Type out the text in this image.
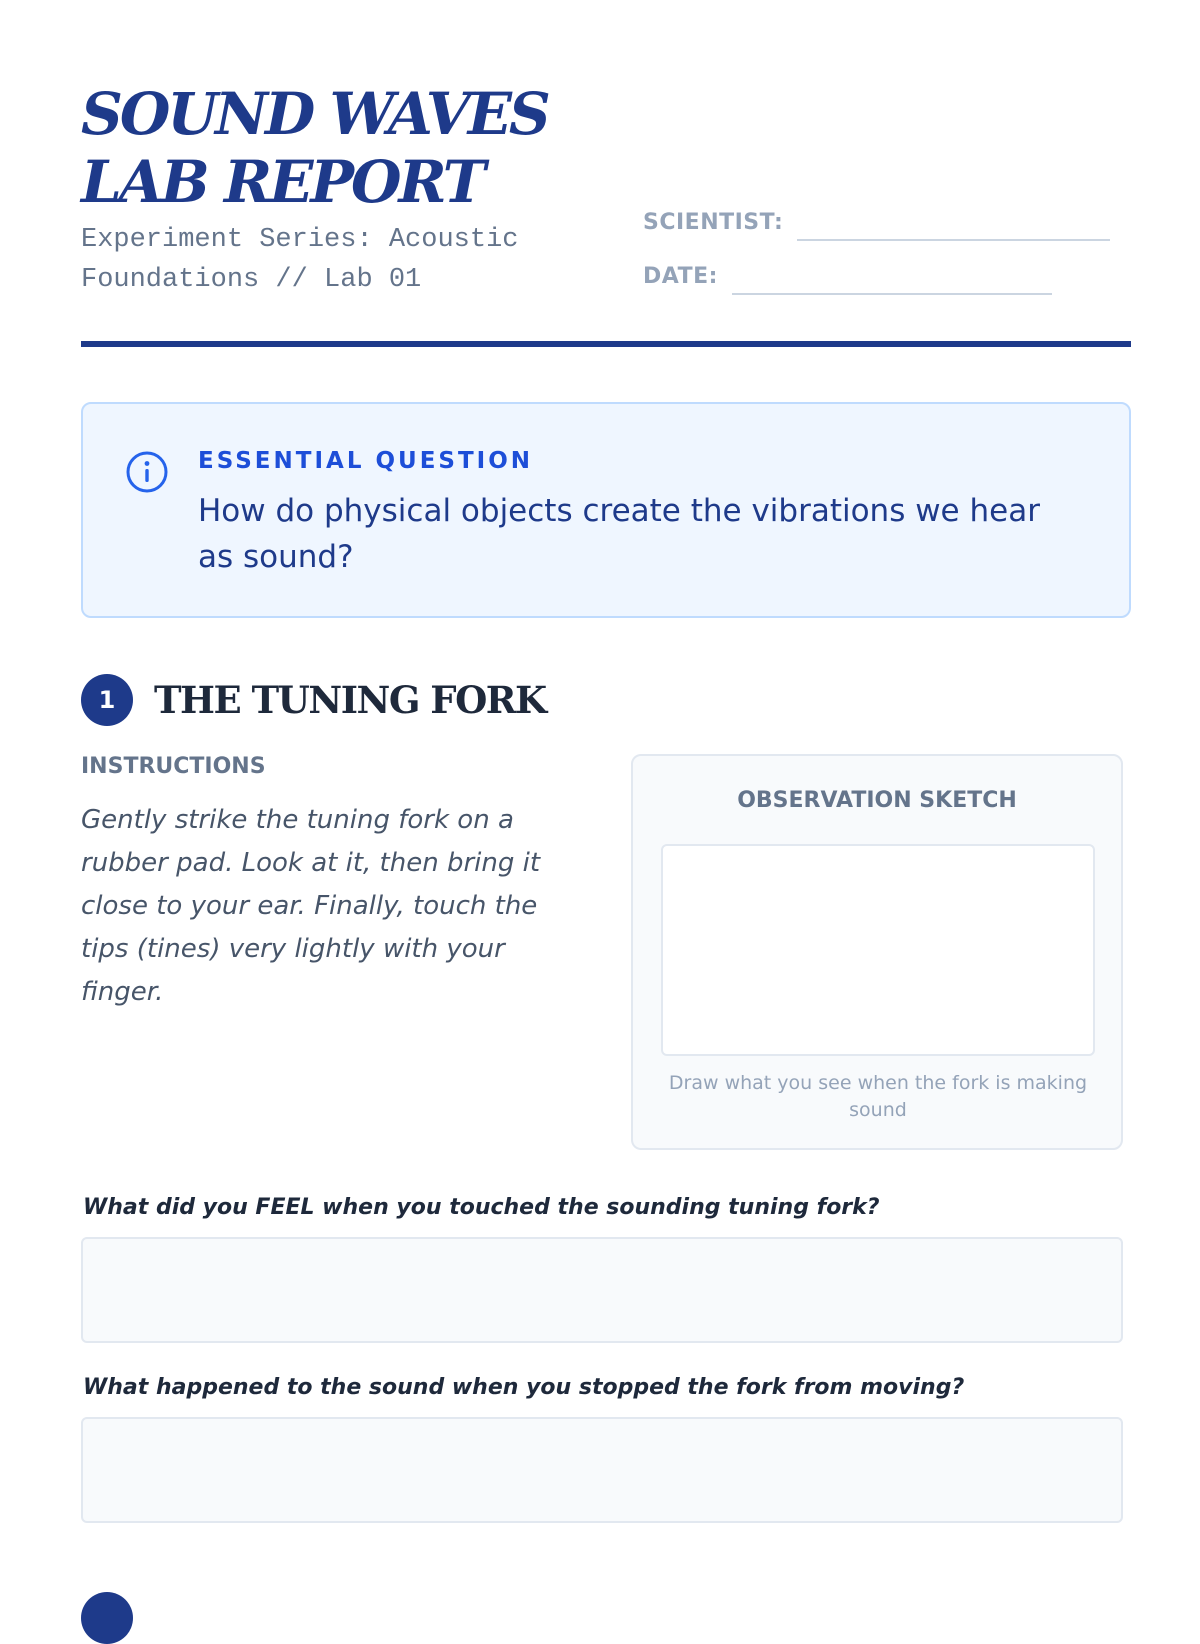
SOUND WAVES LAB REPORT

Experiment Series: Acoustic Foundations // Lab 01

SCIENTIST:
DATE:
ESSENTIAL QUESTION

How do physical objects create the vibrations we hear as sound?

1	THE TUNING FORK
INSTRUCTIONS

Gently strike the tuning fork on a rubber pad. Look at it, then bring it close to your ear. Finally, touch the tips (tines) very lightly with your finger.

OBSERVATION SKETCH

Draw what you see when the fork is making sound

What did you FEEL when you touched the sounding tuning fork?

What happened to the sound when you stopped the fork from moving?
